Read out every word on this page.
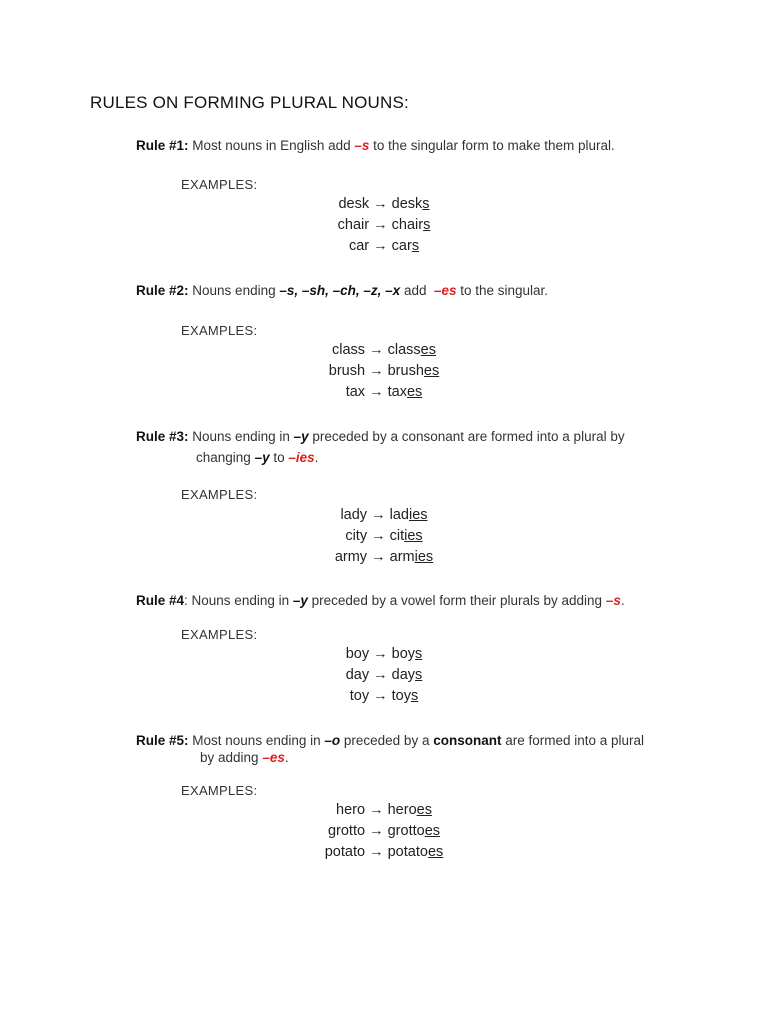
RULES ON FORMING PLURAL NOUNS:
Rule #1: Most nouns in English add –s to the singular form to make them plural.
EXAMPLES:
desk → desks
chair → chairs
car → cars
Rule #2: Nouns ending –s, –sh, –ch, –z, –x add  –es to the singular.
EXAMPLES:
class → classes
brush → brushes
tax → taxes
Rule #3: Nouns ending in –y preceded by a consonant are formed into a plural by
changing –y to –ies.
EXAMPLES:
lady → ladies
city → cities
army → armies
Rule #4: Nouns ending in –y preceded by a vowel form their plurals by adding –s.
EXAMPLES:
boy → boys
day → days
toy → toys
Rule #5: Most nouns ending in –o preceded by a consonant are formed into a plural
by adding –es.
EXAMPLES:
hero → heroes
grotto → grottoes
potato → potatoes
